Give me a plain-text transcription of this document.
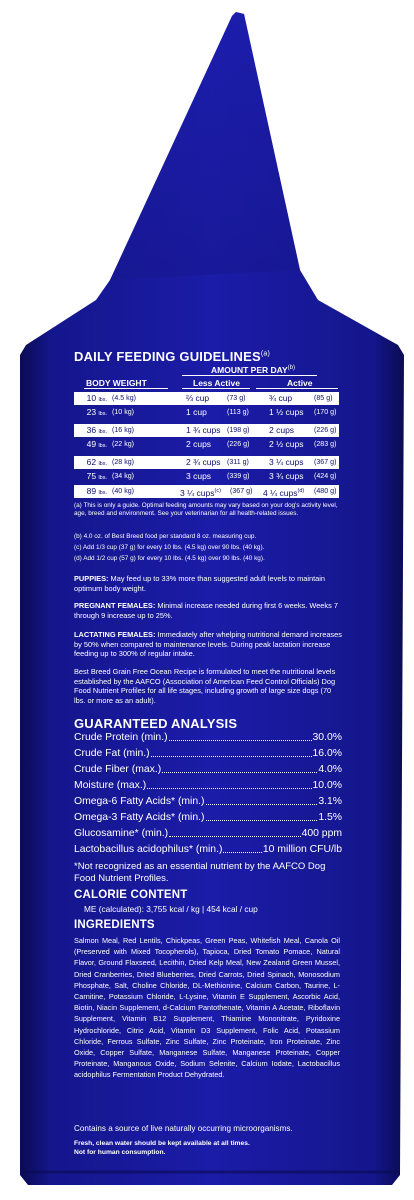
DAILY FEEDING GUIDELINES$^{(a)}$
AMOUNT PER DAY$^{(b)}$
BODY WEIGHT	Less Active	Active
10 lbs. (4.5 kg)	⅔ cup	(73 g)	¾ cup	(85 g)
23 lbs. (10 kg)	1 cup	(113 g) 1 ½ cups (170 g)
36 lbs. (16 kg)	1 ¾ cups (198 g) 2 cups	(226 g)
49 lbs. (22 kg)	2 cups (226 g) 2 ½ cups (283 g)
62 lbs. (28 kg)	2 ¾ cups (311 g) 3 ¼ cups (367 g)
75 lbs. (34 kg)	3 cups (339 g) 3 ¾ cups (424 g)
89 lbs. (40 kg)	3 ¼ cups$^{(c)}$ (367 g) 4 ¼ cups$^{(d)}$ (480 g)
(a) This is only a guide. Optimal feeding amounts may vary based on your dog's activity level, age, breed and environment. See your veterinarian for all health-related issues.
(b) 4.0 oz. of Best Breed food per standard 8 oz. measuring cup.
(c) Add 1/3 cup (37 g) for every 10 lbs. (4.5 kg) over 90 lbs. (40 kg).
(d) Add 1/2 cup (57 g) for every 10 lbs. (4.5 kg) over 90 lbs. (40 kg).
PUPPIES: May feed up to 33% more than suggested adult levels to maintain optimum body weight.
PREGNANT FEMALES: Minimal increase needed during first 6 weeks. Weeks 7 through 9 increase up to 25%.
LACTATING FEMALES: Immediately after whelping nutritional demand increases by 50% when compared to maintenance levels. During peak lactation increase feeding up to 300% of regular intake.
Best Breed Grain Free Ocean Recipe is formulated to meet the nutritional levels established by the AAFCO (Association of American Feed Control Officials) Dog Food Nutrient Profiles for all life stages, including growth of large size dogs (70 lbs. or more as an adult).
GUARANTEED ANALYSIS
Crude Protein (min.)	30.0%
Crude Fat (min.)	16.0%
Crude Fiber (max.)	4.0%
Moisture (max.)	10.0%
Omega-6 Fatty Acids* (min.)	3.1%
Omega-3 Fatty Acids* (min.)	1.5%
Glucosamine* (min.)	400 ppm
Lactobacillus acidophilus* (min.)	10 million CFU/lb
*Not recognized as an essential nutrient by the AAFCO Dog Food Nutrient Profiles.
CALORIE CONTENT
ME (calculated): 3,755 kcal / kg | 454 kcal / cup
INGREDIENTS
Salmon Meal, Red Lentils, Chickpeas, Green Peas, Whitefish Meal, Canola Oil (Preserved with Mixed Tocopherols), Tapioca, Dried Tomato Pomace, Natural Flavor, Ground Flaxseed, Lecithin, Dried Kelp Meal, New Zealand Green Mussel, Dried Cranberries, Dried Blueberries, Dried Carrots, Dried Spinach, Monosodium Phosphate, Salt, Choline Chloride, DL-Methionine, Calcium Carbon, Taurine, L-Carnitine, Potassium Chloride, L-Lysine, Vitamin E Supplement, Ascorbic Acid, Biotin, Niacin Supplement, d-Calcium Pantothenate, Vitamin A Acetate, Riboflavin Supplement, Vitamin B12 Supplement, Thiamine Mononitrate, Pyridoxine Hydrochloride, Citric Acid, Vitamin D3 Supplement, Folic Acid, Potassium Chloride, Ferrous Sulfate, Zinc Sulfate, Zinc Proteinate, Iron Proteinate, Zinc Oxide, Copper Sulfate, Manganese Sulfate, Manganese Proteinate, Copper Proteinate, Manganous Oxide, Sodium Selenite, Calcium Iodate, Lactobacillus acidophilus Fermentation Product Dehydrated.
Contains a source of live naturally occurring microorganisms.
Fresh, clean water should be kept available at all times.
Not for human consumption.
